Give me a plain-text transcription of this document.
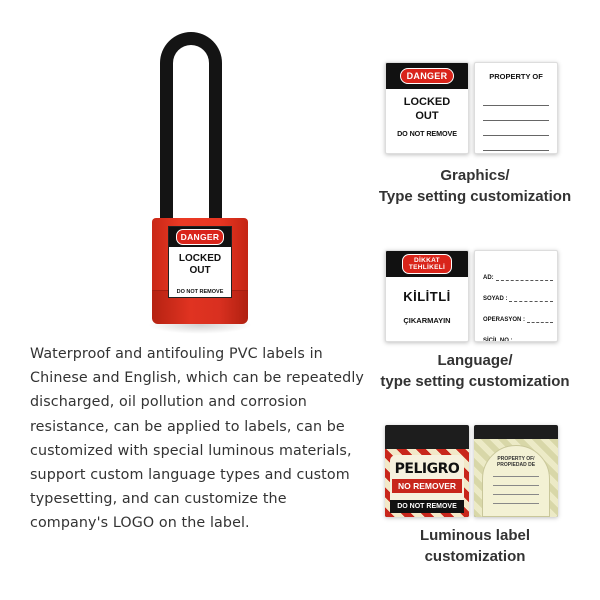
DANGER
LOCKED
OUT
DO NOT REMOVE

Waterproof and antifouling PVC labels in Chinese and English, which can be repeatedly discharged, oil pollution and corrosion resistance, can be applied to labels, can be customized with special luminous materials, support custom language types and custom typesetting, and can customize the company's LOGO on the label.

DANGER
LOCKED
OUT
DO NOT REMOVE
PROPERTY OF
Graphics/
Type setting customization
DİKKAT
TEHLİKELİ
KİLİTLİ
ÇIKARMAYIN
AD:
SOYAD :
OPERASYON :
SİCİL NO :
Language/
type setting customization
PELIGRO
NO REMOVER
DO NOT REMOVE
PROPERTY OF/
PROPIEDAD DE
Luminous label
customization
